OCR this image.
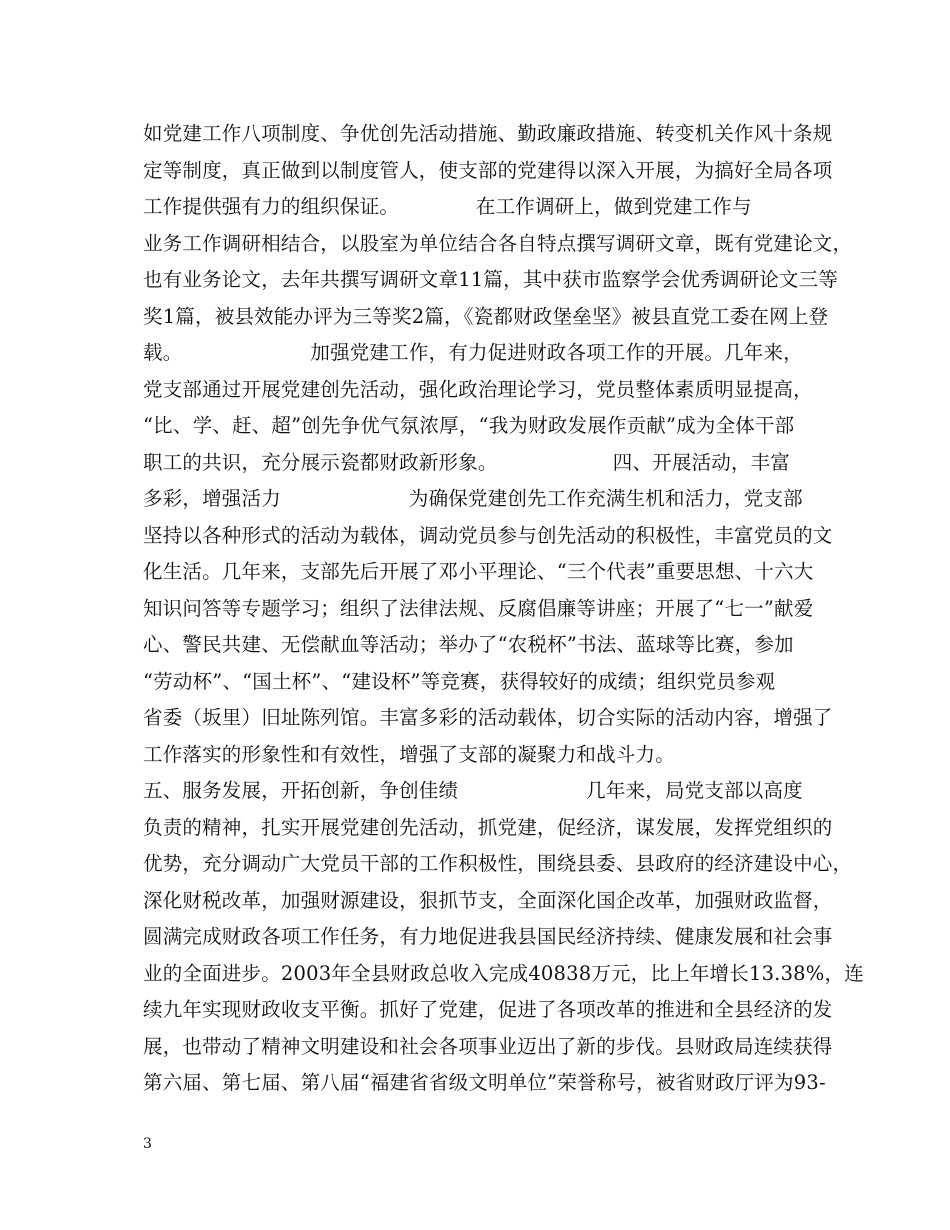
如党建工作八项制度、争优创先活动措施、勤政廉政措施、转变机关作风十条规
定等制度，真正做到以制度管人，使支部的党建得以深入开展，为搞好全局各项
工作提供强有力的组织保证。            在工作调研上，做到党建工作与
业务工作调研相结合，以股室为单位结合各自特点撰写调研文章，既有党建论文，
也有业务论文，去年共撰写调研文章11篇，其中获市监察学会优秀调研论文三等
奖1篇，被县效能办评为三等奖2篇，《瓷都财政堡垒坚》被县直党工委在网上登
载。                    加强党建工作，有力促进财政各项工作的开展。几年来，
党支部通过开展党建创先活动，强化政治理论学习，党员整体素质明显提高，
“比、学、赶、超”创先争优气氛浓厚，“我为财政发展作贡献”成为全体干部
职工的共识，充分展示瓷都财政新形象。                  四、开展活动，丰富
多彩，增强活力                    为确保党建创先工作充满生机和活力，党支部
坚持以各种形式的活动为载体，调动党员参与创先活动的积极性，丰富党员的文
化生活。几年来，支部先后开展了邓小平理论、“三个代表”重要思想、十六大
知识问答等专题学习；组织了法律法规、反腐倡廉等讲座；开展了“七一”献爱
心、警民共建、无偿献血等活动；举办了“农税杯”书法、蓝球等比赛，参加
“劳动杯”、“国土杯”、“建设杯”等竞赛，获得较好的成绩；组织党员参观
省委（坂里）旧址陈列馆。丰富多彩的活动载体，切合实际的活动内容，增强了
工作落实的形象性和有效性，增强了支部的凝聚力和战斗力。
五、服务发展，开拓创新，争创佳绩                    几年来，局党支部以高度
负责的精神，扎实开展党建创先活动，抓党建，促经济，谋发展，发挥党组织的
优势，充分调动广大党员干部的工作积极性，围绕县委、县政府的经济建设中心，
深化财税改革，加强财源建设，狠抓节支，全面深化国企改革，加强财政监督，
圆满完成财政各项工作任务，有力地促进我县国民经济持续、健康发展和社会事
业的全面进步。2003年全县财政总收入完成40838万元，比上年增长13.38%，连
续九年实现财政收支平衡。抓好了党建，促进了各项改革的推进和全县经济的发
展，也带动了精神文明建设和社会各项事业迈出了新的步伐。县财政局连续获得
第六届、第七届、第八届“福建省省级文明单位”荣誉称号，被省财政厅评为93-
3
